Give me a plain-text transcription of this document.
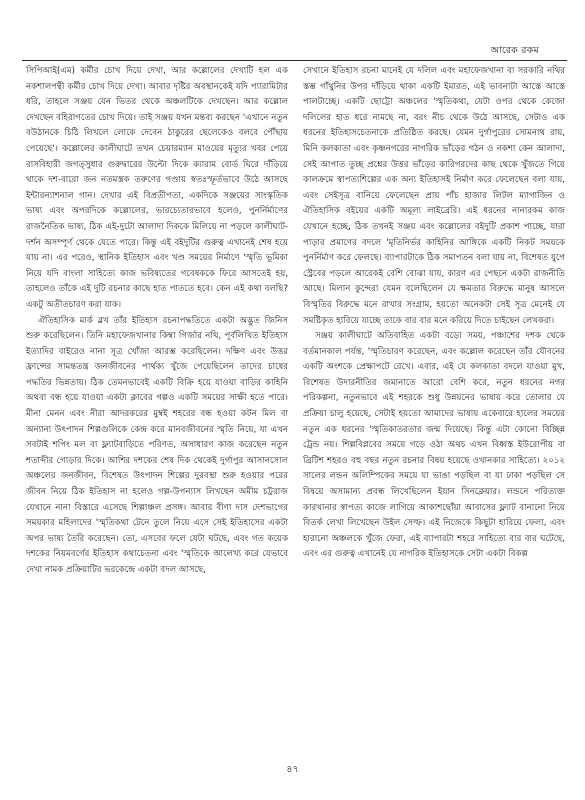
আরেক রকম

সিপিআই(এম) কর্মীর চোখ দিয়ে দেখা, আর কল্লোলের দেখাটি হল এক নকশালপন্থী কর্মীর চোখ দিয়ে দেখা। আবার দৃষ্টির অবস্থানকেই যদি প্যারামিটার ধরি, তাহলে সঞ্জয় যেন ভিতর থেকে অঞ্চলটিকে দেখছেন। আর কল্লোল দেখছেন বহিরাগতের চোখ দিয়ে। তাই সঞ্জয় যখন মন্তব্য করছেন 'এখানে নতুন বউঠানকে চিঠি লিখলে লোকে দেবেন ঠাকুরের ছেলেকেও বলবে পৌঁছায় পেয়েছে'। কল্লোলের কালীঘাটে তখন চেয়ারম্যান মাওয়ের মৃত্যুর খবর পেয়ে রাসবিহারী জগত্সুধার গুরুদ্বারের উল্টো দিকে ক্যারাম বোর্ড ঘিরে দাঁড়িয়ে থাকে দশ-বারো জন নতমস্তক তরুণের গণ্ডায় স্বতঃস্ফূর্তভাবে উঠে আসছে ইন্টারন্যাশনাল গান। দেখার এই বিপ্রতীপতা, একদিকে সঞ্জয়ের সাংস্কৃতিক ভাষ্য এবং অপরদিকে কল্লোলের, ভারচ্যেতারভাবে হলেও, পুনর্নির্মাণের রাজনৈতিক ভাষ্য, ঠিক এই-দুটো আলাদা দিককে মিলিয়ে না পড়লে কালীঘাট-দর্শন অসম্পূর্ণ থেকে যেতে পারে। কিন্তু এই বইদুটির গুরুত্ব এখানেই শেষ হয়ে যায় না। এর পরেও, স্থানিক ইতিহাস এবং খণ্ড সময়ের নির্মাণে 'স্মৃতি ভূমিকা নিয়ে যদি বাংলা সাহিত্যে কাজ ভবিষ্যতের গবেষককে ফিরে আসতেই হয়, তাহলেও তাঁকে এই দুটি রচনার কাছে হাত পাততে হবে। কেন এই কথা বলছি? একটু অতীতচারণ করা যাক।

ঐতিহাসিক মার্ক ব্লখ তাঁর ইতিহাস রচনাপদ্ধতিতে একটা অদ্ভুত জিনিস শুরু করেছিলেন। তিনি মহাফেজখানার কিম্বা গির্জার নথি, পূর্বলিখিত ইতিহাস ইত্যাদির বাইরেও নানা সূত্র খোঁজা আরম্ভ করেছিলেন। দক্ষিণ এবং উত্তর ফ্রান্সের সামন্ততন্ত্র জনজীবনের পার্থক্য খুঁজে পেয়েছিলেন তাদের চাষের পদ্ধতির ভিন্নতায়। ঠিক তেমনভাবেই একটি বিক্রি হয়ে যাওয়া বাড়ির কাহিনি অথবা বন্ধ হয়ে যাওয়া একটা ক্লাবের গল্পও একটি সময়ের সাক্ষী হতে পারে। মীনা মেনন এবং নীরা আদরকরের মুম্বই শহরের বন্ধ হওয়া কটন মিল বা অন্যান্য উৎপাদন শিল্পগুলিকে কেন্দ্র করে মানবজীবনের স্মৃতি নিয়ে, যা এখন সবটাই শপিং মল বা ফ্ল্যাটবাড়িতে পরিণত, অসাধারণ কাজ করেছেন নতুন শতাব্দীর গোড়ার দিকে। আশির দশকের শেষ দিক থেকেই দুর্গাপুর আসানসোল অঞ্চলের জনজীবন, বিশেষত উৎপাদন শিল্পের দুরবস্থা শুরু হওয়ার পরের জীবন নিয়ে ঠিক ইতিহাস না হলেও গল্প-উপন্যাস লিখছেন অমীম চট্টরাজ যেখানে নানা বিস্তারে এসেছে শিল্পাঞ্চল প্রসঙ্গ। আবার বীণা দাস দেশভাগের সময়কার মহিলাদের 'স্মৃতিকথা টেনে তুলে নিয়ে এসে সেই ইতিহাসের একটা অপর ভাষ্য তৈরি করেছেন। তো, এসবের ফলে যেটা ঘটছে, এবং গত কয়েক দশকের নিয়মবর্গের ইতিহাস কথাচেতনা এবং 'স্মৃতিকে আলেখ্য করে যেভাবে দেখা নামক প্রক্রিয়াটির ভরকেন্দ্রে একটা বদল আসছে,

সেখানে ইতিহাস রচনা মানেই যে দলিল এবং মহাফেজখানা বা সরকারি নথির স্তম্ভ গাঁথুনির উপর দাঁড়িয়ে থাকা একটি ইমারত, এই ভাবনাটা আস্তে আস্তে পালটাচ্ছে। একটি ছোট্টো অঞ্চলের 'স্মৃতিকথা, যেটা ওপর থেকে কেজো দলিলের হাত ধরে নামছে না, বরং নীচ থেকে উঠে আসছে, সেটাও এক ধরনের ইতিহাসচেতনাকে প্রতিষ্ঠিত করছে। যেমন দুর্গাপুরের সোমনাথ রায়, মিনি কলকাতা এবং কৃষ্ণনগরের নাগরিক ভাঁড়ের গঠন ও নকশা কেন আলাদা, সেই আপাত তুচ্ছ প্রশ্নের উত্তর ভাঁড়ের কারিগরদের কাছ থেকে খুঁজতে গিয়ে কালক্রমে স্বাপত্যশিল্পের এক অন্য ইতিহাসই নির্মাণ করে ফেলেছেন বলা যায়, এবং সেইসূত্র বানিয়ে ফেলেছেন প্রায় পাঁচ হাজার লিটল ম্যাগাজিন ও ঐতিহাসিক বইয়ের একটি অমূল্য লাইব্রেরি। এই ধরনের নানারকম কাজ যেখানে হচ্ছে, ঠিক তখনই সঞ্জয় এবং কল্লোলের বইদুটি প্রকাশ পাচ্ছে, যারা পাড়ার প্রমাণের বদলে 'মৃতিনির্ভর কাহিনির আঙ্গিকে একটি নিকট সময়কে পুনর্নির্মাণ করে ফেলছে। ব্যাপারটাকে ঠিক সমাপতন বলা যায় না, বিশেষত যুগে স্ট্রেবের পড়লে আরেকই বেশি বোঝা যায়, কারণ এর পেছনে একটা রাজনীতি আছে। মিলান কুন্দেরা যেমন বলেছিলেন যে ক্ষমতার বিরুদ্ধে মানুষ আসলে বিস্মৃতির বিরুদ্ধে মনে রাখার সংগ্রাম, হয়তো অনেকটা সেই সূত্র মেনেই যে সমষ্টিকৃত হারিয়ে যাচ্ছে তাকে বার বার মনে করিয়ে দিতে চাইছেন লেখকরা।

সঞ্জয় কালীঘাটে অতিবাহিত একটা বড়ো সময়, পঞ্চাশের দশক থেকে বর্তমানকাল পর্যন্ত, 'স্মৃতিচারণ করেছেন, এবং কল্লোল করেছেন তাঁর যৌবনের একটি অংশকে প্রেক্ষাপটে রেখে। এবার, এই যে কলকাতা বদলে যাওয়া মুখ, বিশেষত উদারনীতির জমানাতে আরো বেশি করে, নতুন ধরনের নগর পরিকল্পনা, নতুনভাবে এই শহরকে শুধু উন্নয়নের ভাষায় করে তোলার যে প্রক্রিয়া চালু হয়েছে, সেটাই হয়তো আমাদের ভাষায় একেবারে হালের সময়ের নতুন এক ধরনের 'স্মৃতিকাতরতার জন্ম দিয়েছে। কিন্তু এটা কোনো বিচ্ছিন্ন ট্রেন্ড নয়। শিল্পবিপ্লবের সময়ে গড়ে ওঠা অথচ এখন বিধ্বস্ত ইউরোপীয় বা ব্রিটিশ শহরও বহু বছর নতুন রচনার বিষয় হয়েছে ওখানকার সাহিত্যে। ২০১২ সালের লন্ডন অলিম্পিকের সময়ে যা ভাঙা পড়ছিল বা যা ঢাকা পড়ছিল সে বিষয়ে অসামান্য প্রবন্ধ লিখেছিলেন ইয়ান সিনক্লেয়ার। লন্ডনে পরিত্যক্ত কারখানার স্বাপত্য কাজে লাগিয়ে আকাশছোঁয়া আবাসের ফ্ল্যাট বানানো নিয়ে বিতর্ক লেখা লিখেছেন উইল সেল্ফ। এই নিজেকে কিছুটা হারিয়ে ফেলা, এবং হারানো অঞ্চলকে খুঁজে ফেরা, এই ব্যাপারটা শহরে সাহিত্যে বার বার ঘটেছে, এবং এর গুরুত্ব এখানেই যে নাগরিক ইতিহাসকে সেটা একটা বিকল্প

৪৭
